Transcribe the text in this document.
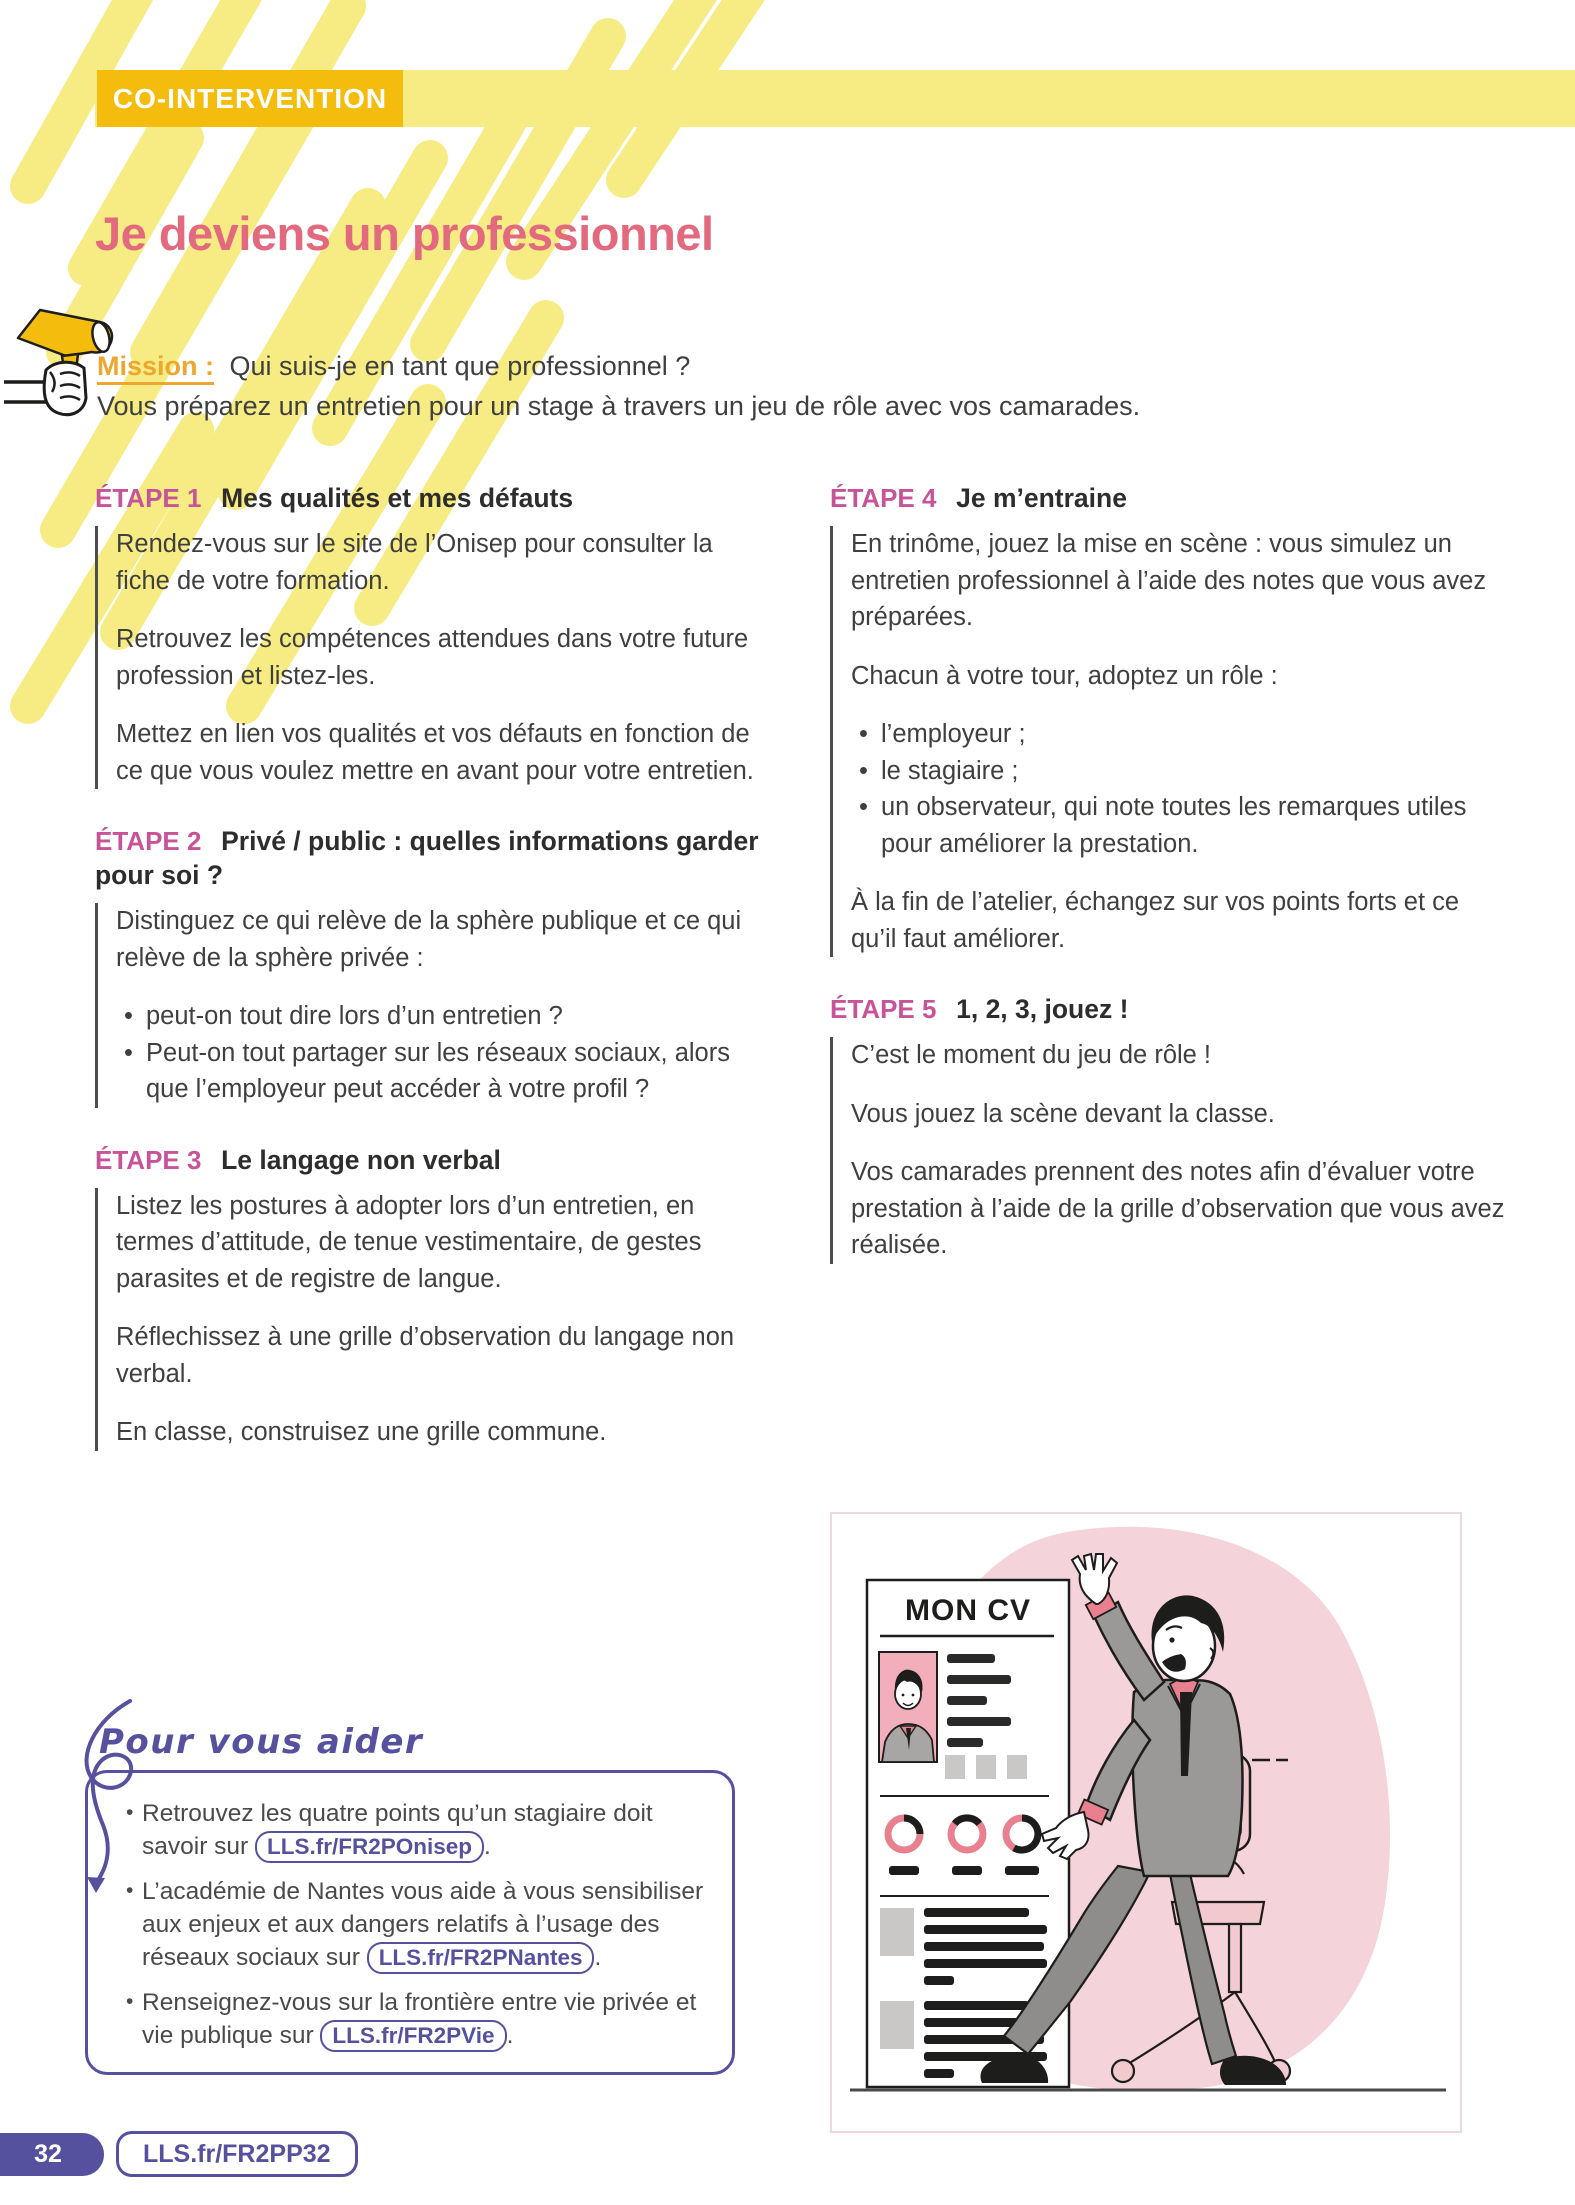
CO-INTERVENTION
Je deviens un professionnel
Mission : Qui suis-je en tant que professionnel ?
Vous préparez un entretien pour un stage à travers un jeu de rôle avec vos camarades.
ÉTAPE 1 Mes qualités et mes défauts

Rendez-vous sur le site de l’Onisep pour consulter la fiche de votre formation.

Retrouvez les compétences attendues dans votre future profession et listez-les.

Mettez en lien vos qualités et vos défauts en fonction de ce que vous voulez mettre en avant pour votre entretien.

ÉTAPE 2 Privé / public : quelles informations garder pour soi ?

Distinguez ce qui relève de la sphère publique et ce qui relève de la sphère privée :

• peut-on tout dire lors d’un entretien ?
• Peut-on tout partager sur les réseaux sociaux, alors que l’employeur peut accéder à votre profil ?
ÉTAPE 3 Le langage non verbal

Listez les postures à adopter lors d’un entretien, en termes d’attitude, de tenue vestimentaire, de gestes parasites et de registre de langue.

Réflechissez à une grille d’observation du langage non verbal.

En classe, construisez une grille commune.

ÉTAPE 4 Je m’entraine

En trinôme, jouez la mise en scène : vous simulez un entretien professionnel à l’aide des notes que vous avez préparées.

Chacun à votre tour, adoptez un rôle :

• l’employeur ;
• le stagiaire ;
• un observateur, qui note toutes les remarques utiles pour améliorer la prestation.

À la fin de l’atelier, échangez sur vos points forts et ce qu’il faut améliorer.

ÉTAPE 5 1, 2, 3, jouez !

C’est le moment du jeu de rôle !

Vous jouez la scène devant la classe.

Vos camarades prennent des notes afin d’évaluer votre prestation à l’aide de la grille d’observation que vous avez réalisée.

Pour vous aider
• Retrouvez les quatre points qu’un stagiaire doit savoir sur LLS.fr/FR2POnisep .
• L’académie de Nantes vous aide à vous sensibiliser aux enjeux et aux dangers relatifs à l’usage des réseaux sociaux sur LLS.fr/FR2PNantes .
• Renseignez-vous sur la frontière entre vie privée et vie publique sur LLS.fr/FR2PVie .
MON CV
32	LLS.fr/FR2PP32
